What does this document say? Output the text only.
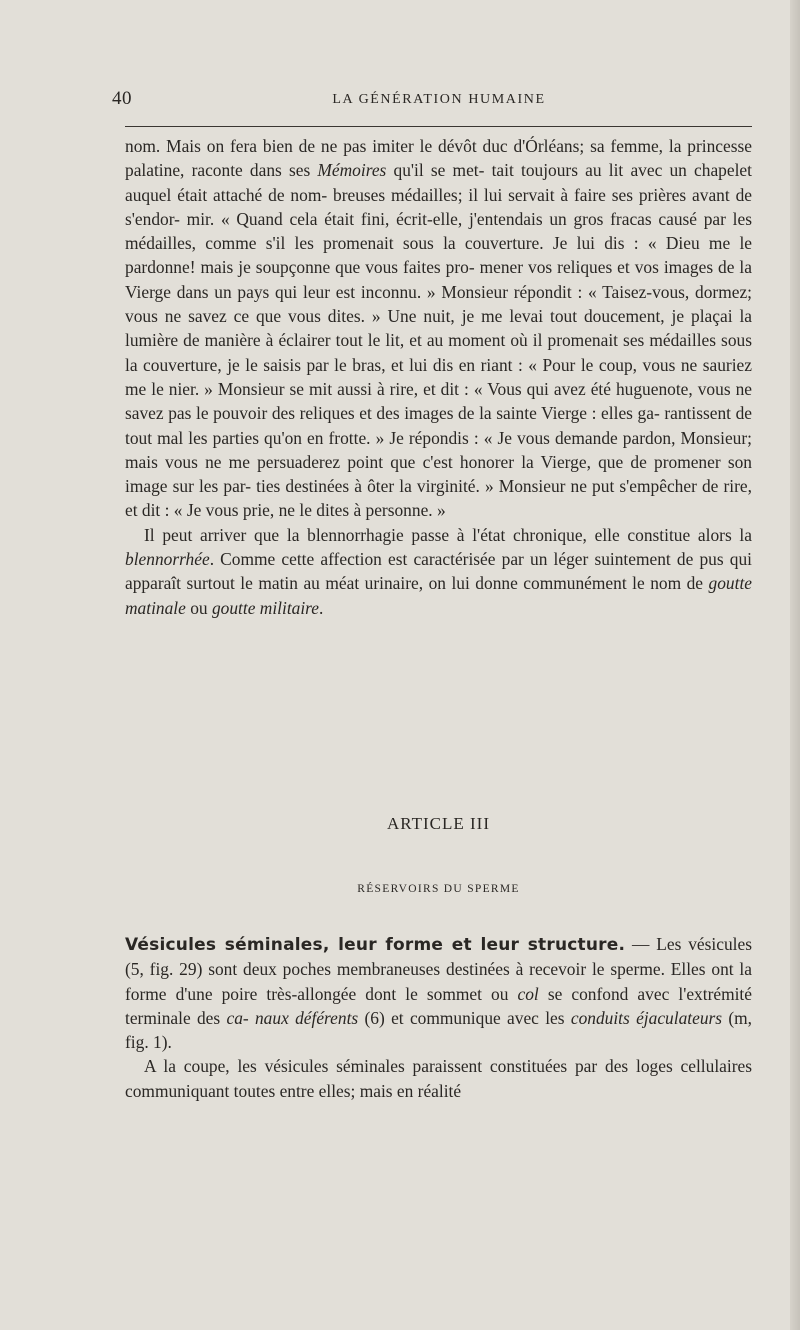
40	LA GÉNÉRATION HUMAINE

nom. Mais on fera bien de ne pas imiter le dévôt duc d'Órléans; sa femme, la princesse palatine, raconte dans ses Mémoires qu'il se met- tait toujours au lit avec un chapelet auquel était attaché de nom- breuses médailles; il lui servait à faire ses prières avant de s'endor- mir. « Quand cela était fini, écrit-elle, j'entendais un gros fracas causé par les médailles, comme s'il les promenait sous la couverture. Je lui dis : « Dieu me le pardonne! mais je soupçonne que vous faites pro- mener vos reliques et vos images de la Vierge dans un pays qui leur est inconnu. » Monsieur répondit : « Taisez-vous, dormez; vous ne savez ce que vous dites. » Une nuit, je me levai tout doucement, je plaçai la lumière de manière à éclairer tout le lit, et au moment où il promenait ses médailles sous la couverture, je le saisis par le bras, et lui dis en riant : « Pour le coup, vous ne sauriez me le nier. » Monsieur se mit aussi à rire, et dit : « Vous qui avez été huguenote, vous ne savez pas le pouvoir des reliques et des images de la sainte Vierge : elles ga- rantissent de tout mal les parties qu'on en frotte. » Je répondis : « Je vous demande pardon, Monsieur; mais vous ne me persuaderez point que c'est honorer la Vierge, que de promener son image sur les par- ties destinées à ôter la virginité. » Monsieur ne put s'empêcher de rire, et dit : « Je vous prie, ne le dites à personne. »

Il peut arriver que la blennorrhagie passe à l'état chronique, elle constitue alors la blennorrhée. Comme cette affection est caractérisée par un léger suintement de pus qui apparaît surtout le matin au méat urinaire, on lui donne communément le nom de goutte matinale ou goutte militaire.

ARTICLE III
RÉSERVOIRS DU SPERME

Vésicules séminales, leur forme et leur structure. — Les vésicules (5, fig. 29) sont deux poches membraneuses destinées à recevoir le sperme. Elles ont la forme d'une poire très-allongée dont le sommet ou col se confond avec l'extrémité terminale des ca- naux déférents (6) et communique avec les conduits éjaculateurs (m, fig. 1).

A la coupe, les vésicules séminales paraissent constituées par des loges cellulaires communiquant toutes entre elles; mais en réalité
